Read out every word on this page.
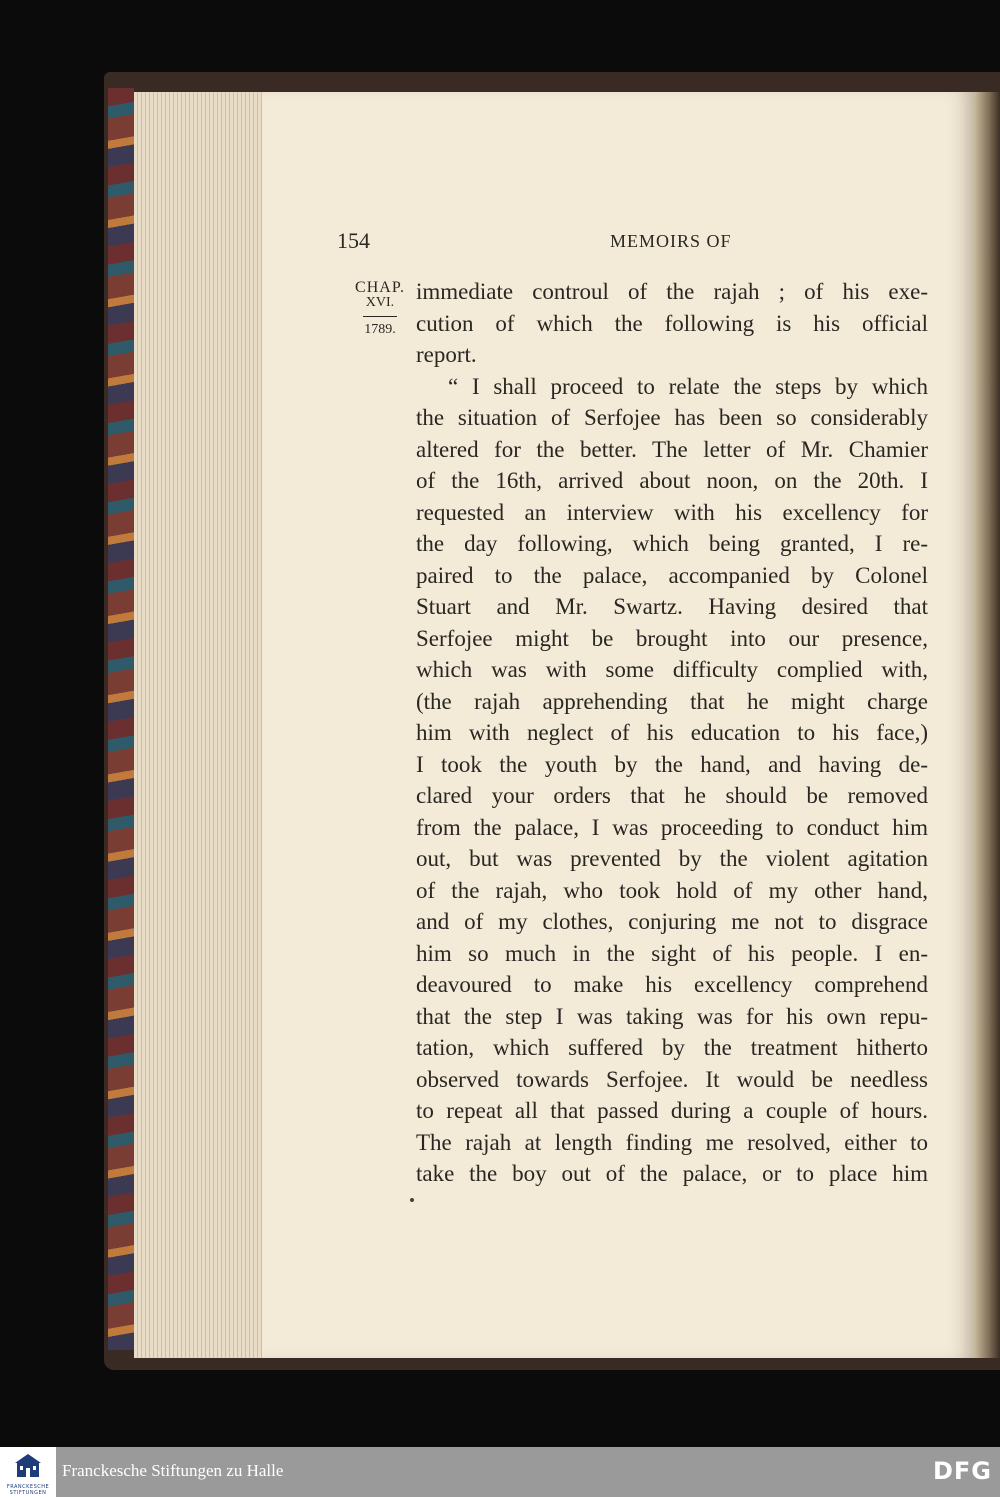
154	MEMOIRS OF
CHAP.
XVI.
1789.
immediate controul of the rajah ; of his exe-
cution of which the following is his official
report.
“ I shall proceed to relate the steps by which
the situation of Serfojee has been so considerably
altered for the better. The letter of Mr. Chamier
of the 16th, arrived about noon, on the 20th. I
requested an interview with his excellency for
the day following, which being granted, I re-
paired to the palace, accompanied by Colonel
Stuart and Mr. Swartz. Having desired that
Serfojee might be brought into our presence,
which was with some difficulty complied with,
(the rajah apprehending that he might charge
him with neglect of his education to his face,)
I took the youth by the hand, and having de-
clared your orders that he should be removed
from the palace, I was proceeding to conduct him
out, but was prevented by the violent agitation
of the rajah, who took hold of my other hand,
and of my clothes, conjuring me not to disgrace
him so much in the sight of his people. I en-
deavoured to make his excellency comprehend
that the step I was taking was for his own repu-
tation, which suffered by the treatment hitherto
observed towards Serfojee. It would be needless
to repeat all that passed during a couple of hours.
The rajah at length finding me resolved, either to
take the boy out of the palace, or to place him
FRANCKESCHE STIFTUNGEN
Franckesche Stiftungen zu Halle	DFG
